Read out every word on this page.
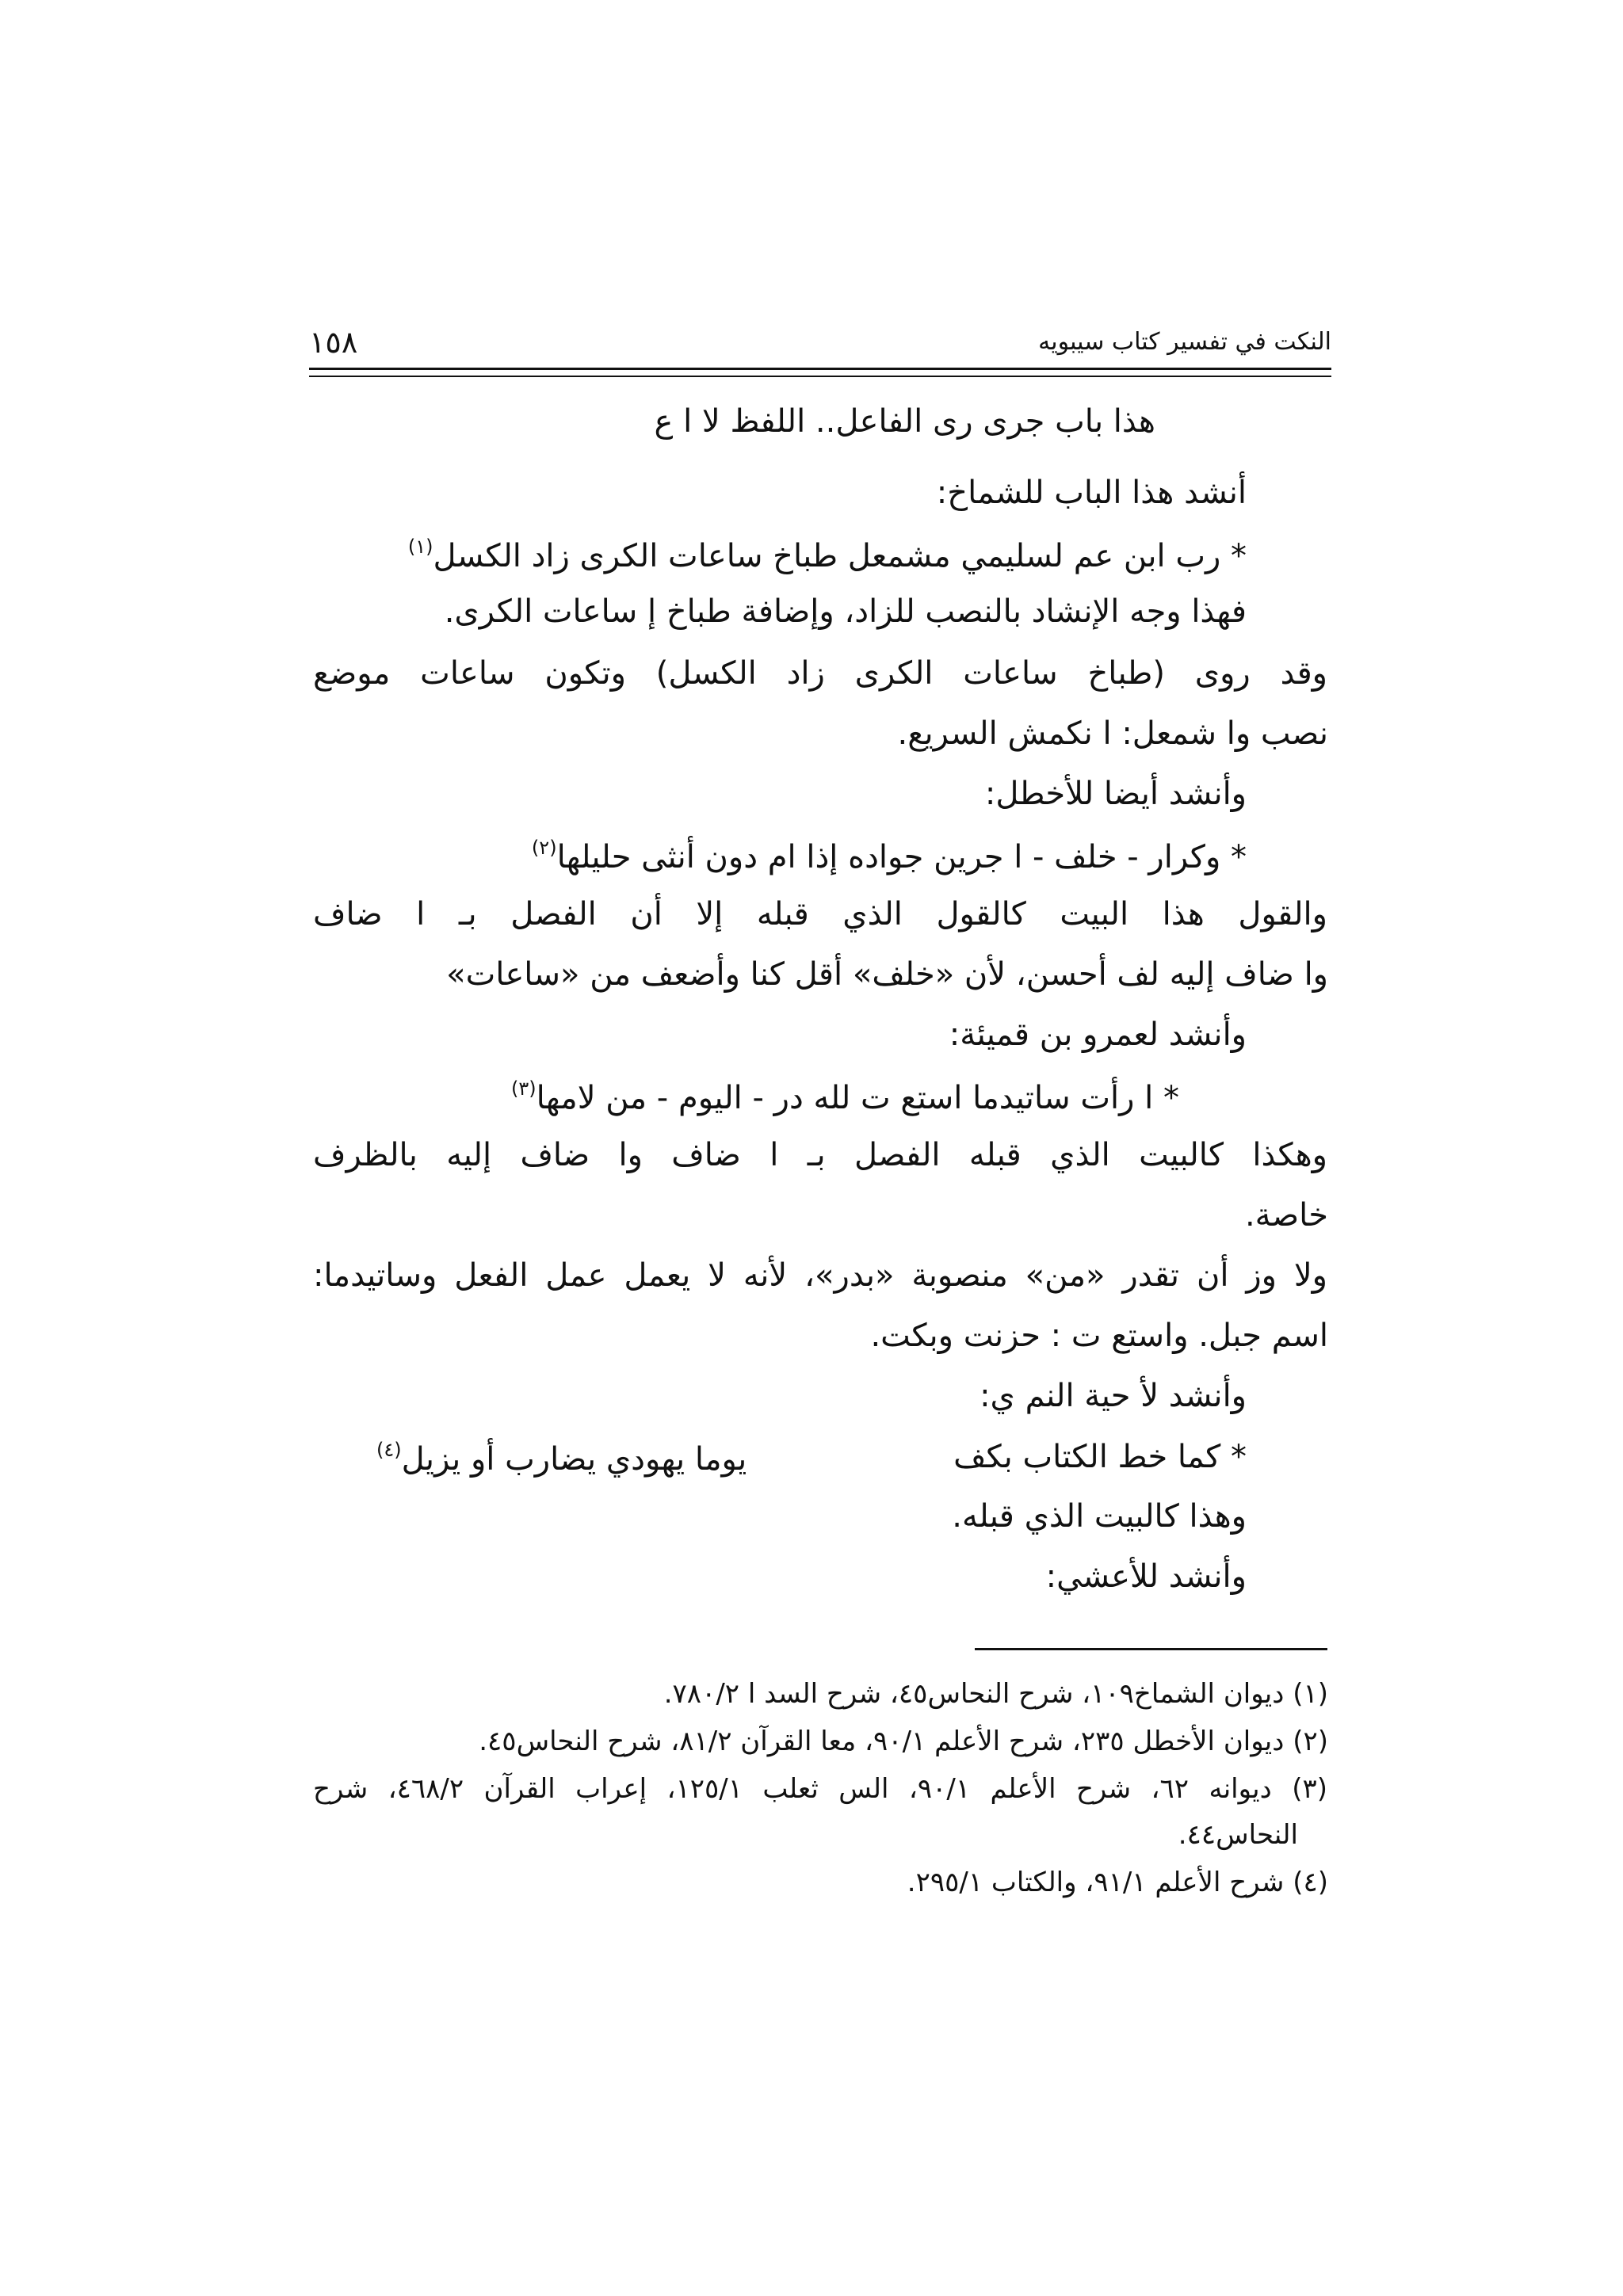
النكت في تفسير كتاب سيبويه
١٥٨
هذا باب جرى رى الفاعل.. اللفظ لا ا ع
أنشد هذا الباب للشماخ:
* رب ابن عم لسليمي مشمعل طباخ ساعات الكرى زاد الكسل$^{(١)}$
فهذا وجه الإنشاد بالنصب للزاد، وإضافة طباخ إ ساعات الكرى.
وقد روى (طباخ ساعات الكرى زاد الكسل) وتكون ساعات موضع
نصب وا شمعل: ا نكمش السريع.
وأنشد أيضا للأخطل:
* وكرار - خلف - ا جرين جواده إذا ام دون أنثى حليلها$^{(٢)}$
والقول هذا البيت كالقول الذي قبله إلا أن الفصل بـ ا ضاف
وا ضاف إليه لف أحسن، لأن «خلف» أقل كنا وأضعف من «ساعات»
وأنشد لعمرو بن قميئة:
* ا رأت ساتيدما استع ت لله در - اليوم - من لامها$^{(٣)}$
وهكذا كالبيت الذي قبله الفصل بـ ا ضاف وا ضاف إليه بالظرف
خاصة.
ولا وز أن تقدر «من» منصوبة «بدر»، لأنه لا يعمل عمل الفعل وساتيدما:
اسم جبل. واستع ت : حزنت وبكت.
وأنشد لأ حية النم ي:
* كما خط الكتاب بكف
يوما يهودي يضارب أو يزيل$^{(٤)}$
وهذا كالبيت الذي قبله.
وأنشد للأعشي:
(١) ديوان الشماخ١٠٩، شرح النحاس٤٥، شرح السد ا ٧٨٠/٢.
(٢) ديوان الأخطل ٢٣٥، شرح الأعلم ٩٠/١، معا القرآن ٨١/٢، شرح النحاس٤٥.
(٣) ديوانه ٦٢، شرح الأعلم ٩٠/١، الس ثعلب ١٢٥/١، إعراب القرآن ٤٦٨/٢، شرح
النحاس٤٤.
(٤) شرح الأعلم ٩١/١، والكتاب ٢٩٥/١.
